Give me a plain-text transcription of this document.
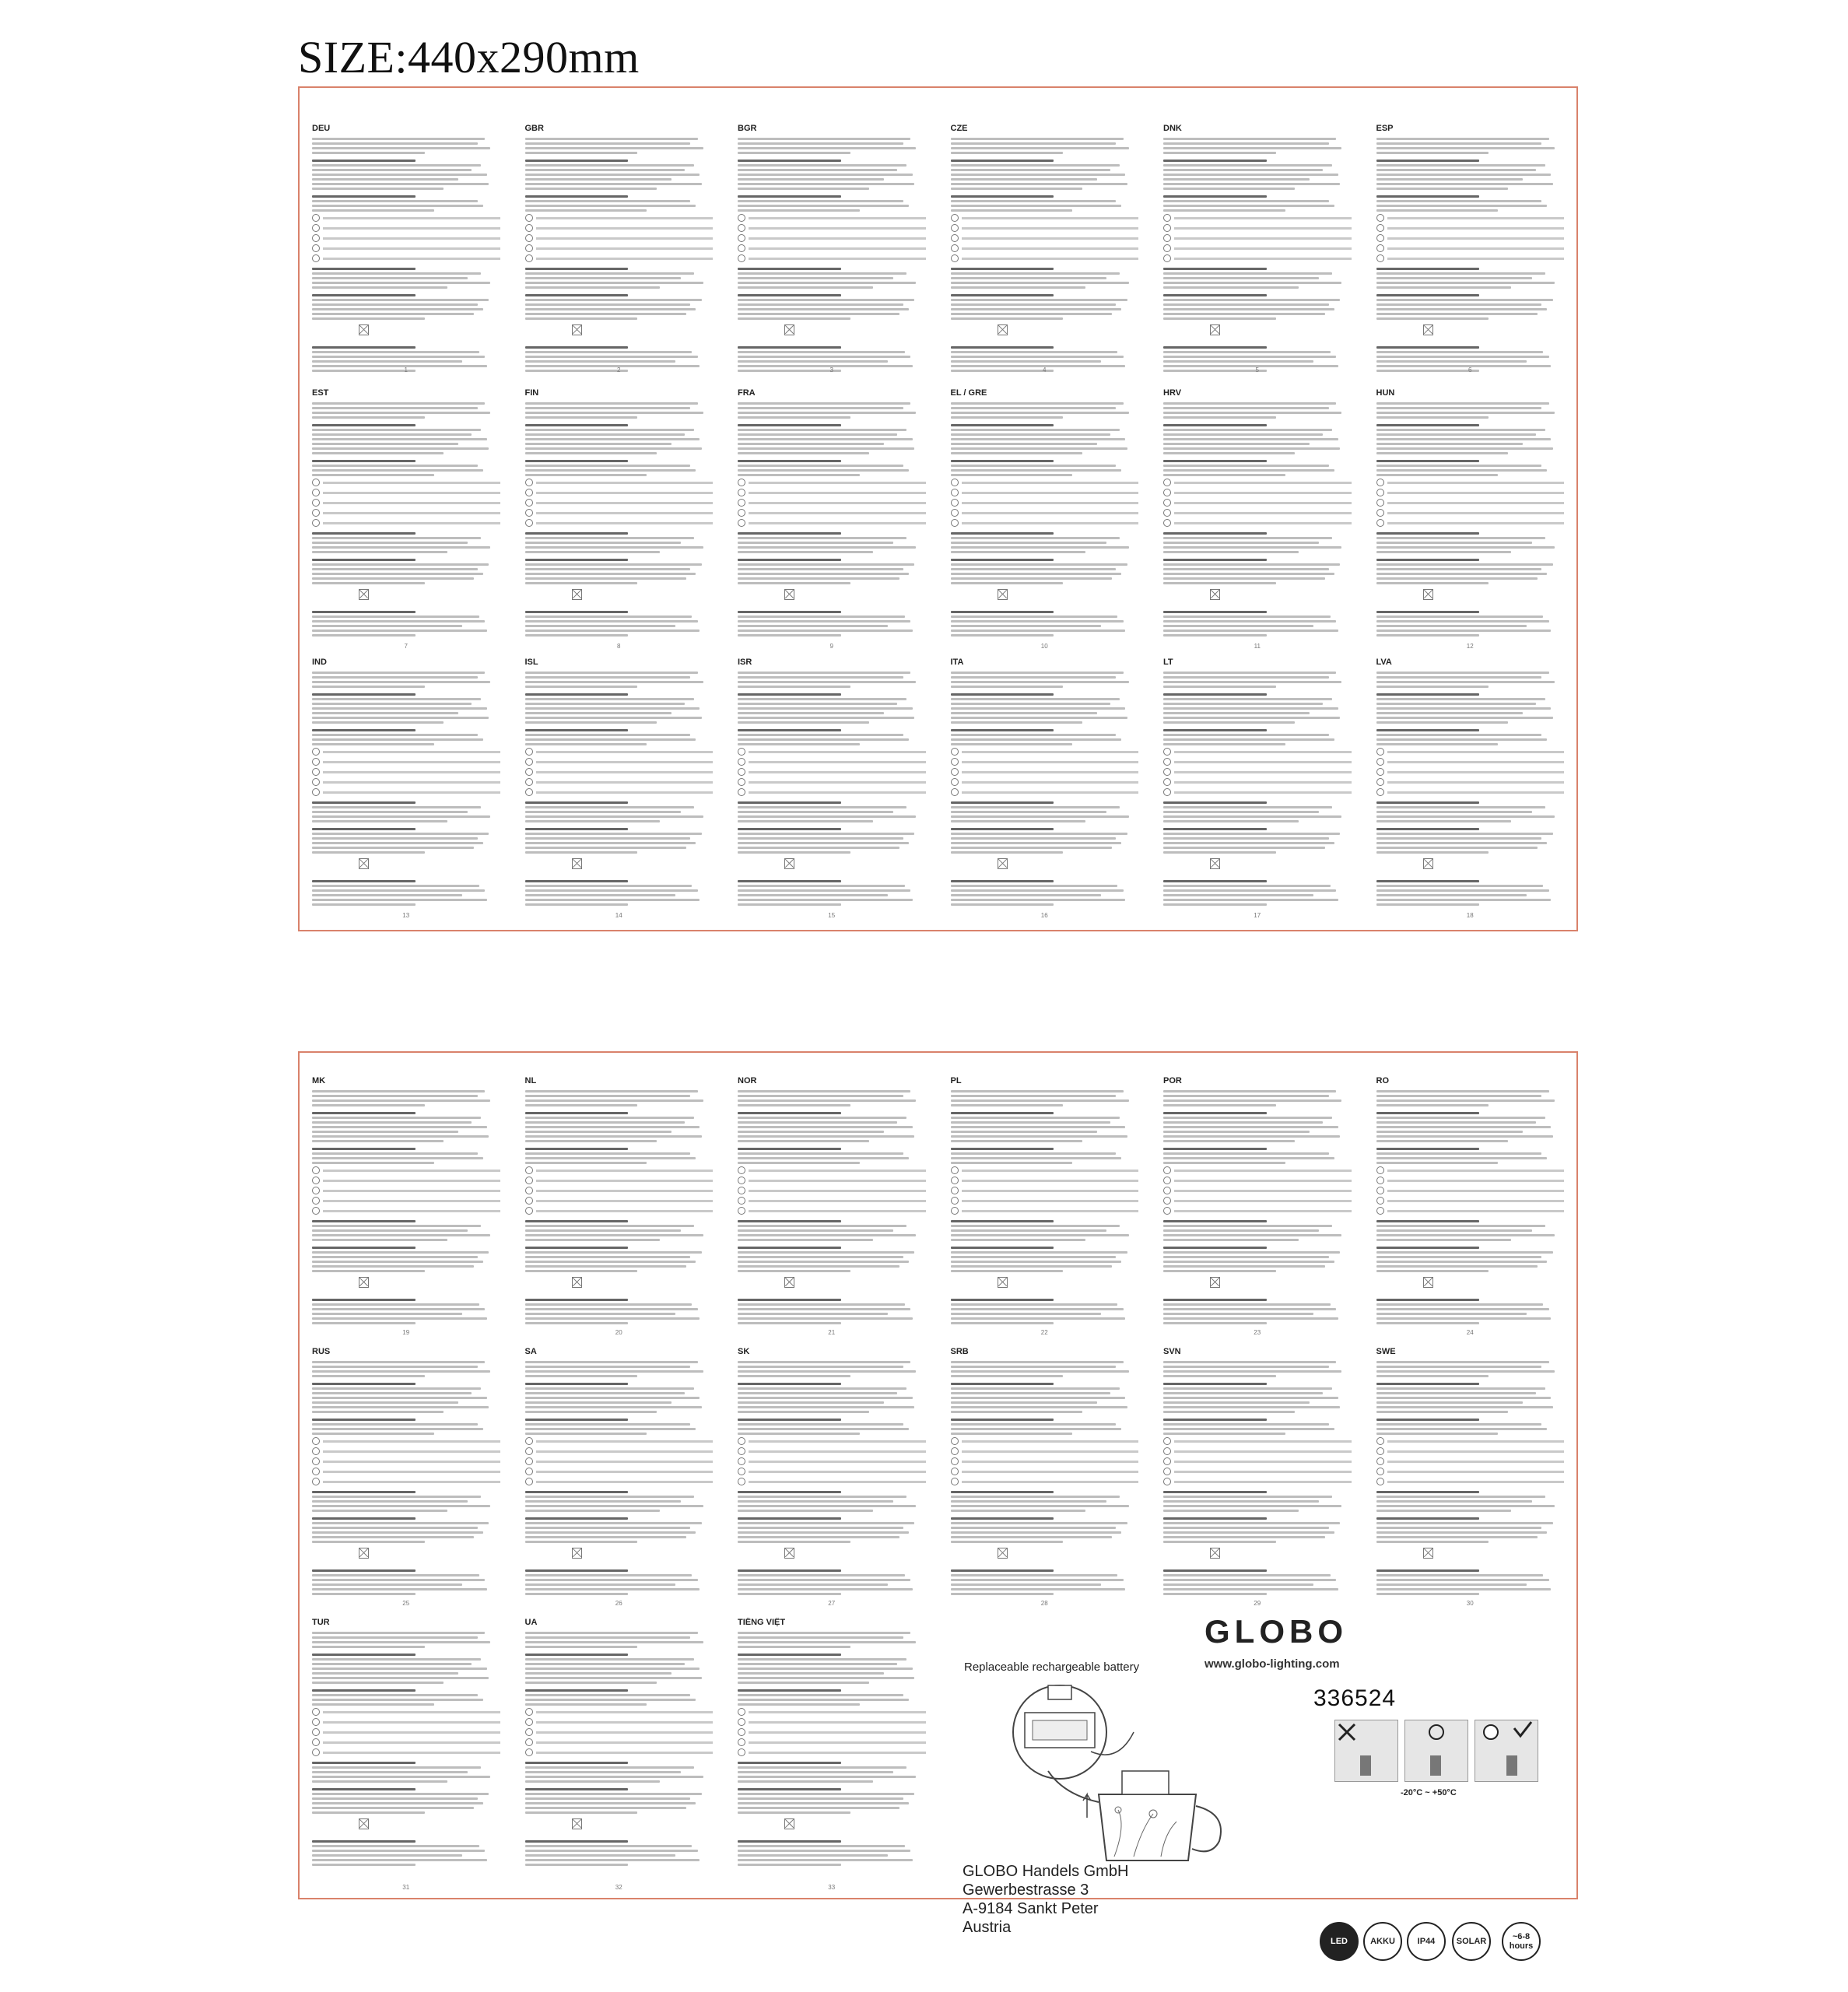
SIZE:440x290mm
DEU
1
GBR
2
BGR
3
CZE
4
DNK
5
ESP
6
EST
7
FIN
8
FRA
9
EL / GRE
10
HRV
11
HUN
12
IND
13
ISL
14
ISR
15
ITA
16
LT
17
LVA
18
MK
19
NL
20
NOR
21
PL
22
POR
23
RO
24
RUS
25
SA
26
SK
27
SRB
28
SVN
29
SWE
30
TUR
31
UA
32
TIẾNG VIỆT
33
GLOBO
www.globo-lighting.com
336524
Replaceable rechargeable battery
-20°C ~ +50°C
GLOBO Handels GmbH
Gewerbestrasse 3
A-9184 Sankt Peter
Austria
LED	AKKU	IP44	SOLAR	~6-8 hours
